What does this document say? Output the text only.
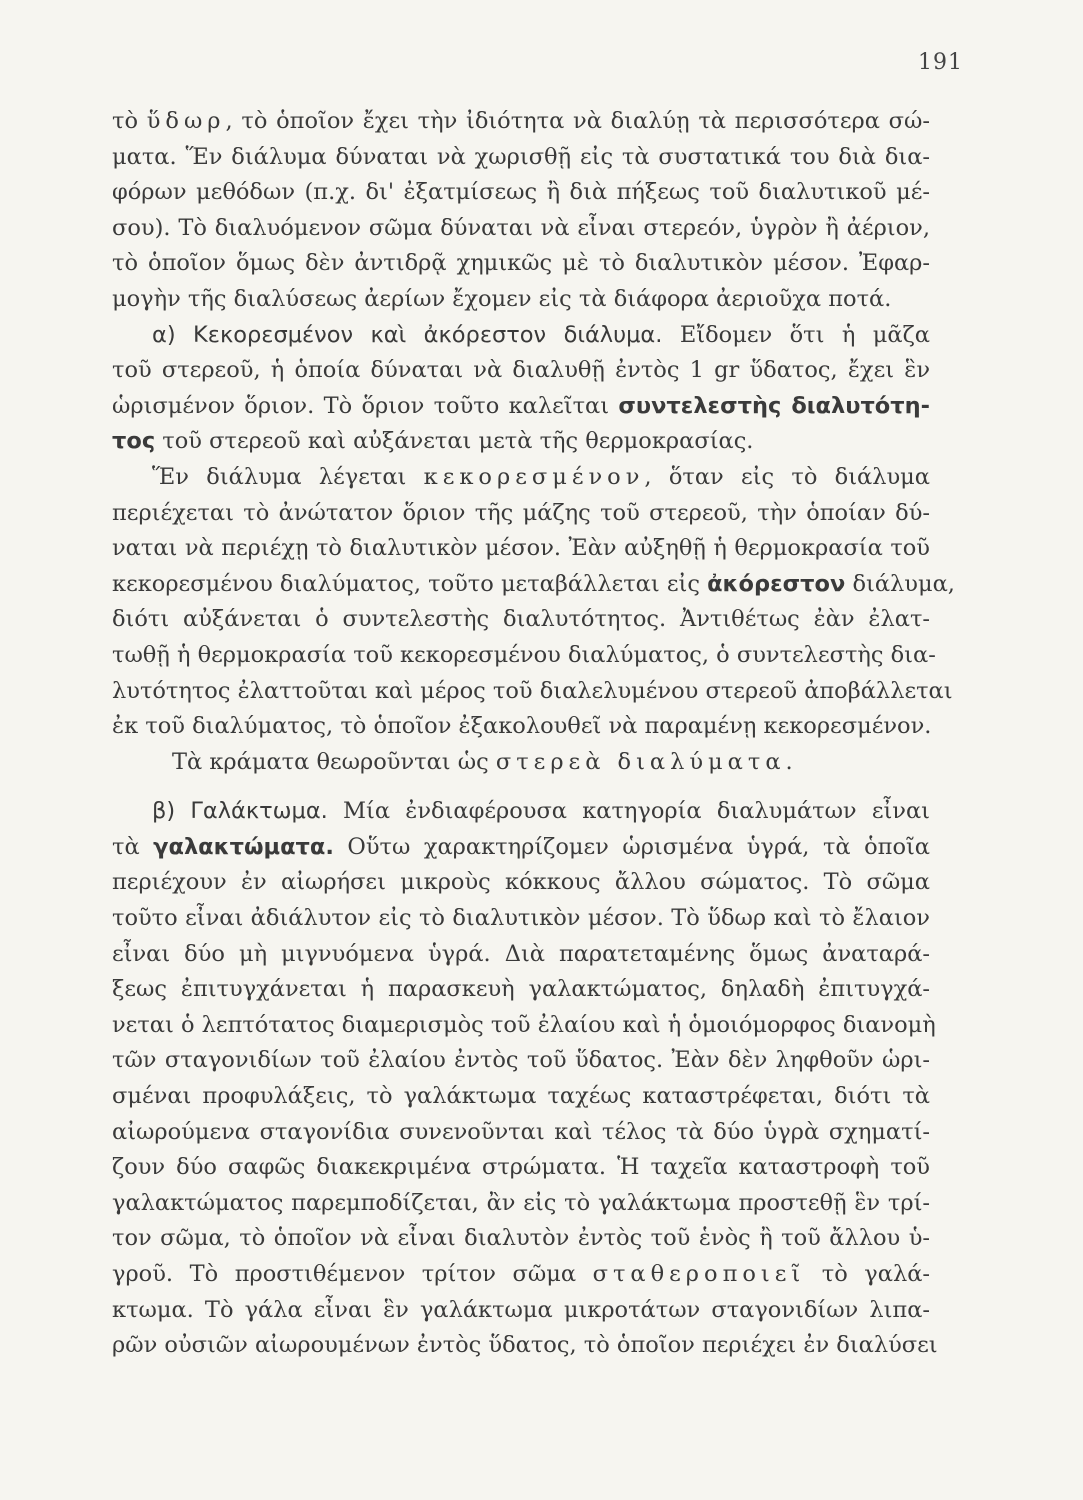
191
τὸ ὕδωρ, τὸ ὁποῖον ἔχει τὴν ἰδιότητα νὰ διαλύῃ τὰ περισσότερα σώ-
ματα. Ἕν διάλυμα δύναται νὰ χωρισθῇ εἰς τὰ συστατικά του διὰ δια-
φόρων μεθόδων (π.χ. δι' ἐξατμίσεως ἢ διὰ πήξεως τοῦ διαλυτικοῦ μέ-
σου). Τὸ διαλυόμενον σῶμα δύναται νὰ εἶναι στερεόν, ὑγρὸν ἢ ἀέριον,
τὸ ὁποῖον ὅμως δὲν ἀντιδρᾷ χημικῶς μὲ τὸ διαλυτικὸν μέσον. Ἐφαρ-
μογὴν τῆς διαλύσεως ἀερίων ἔχομεν εἰς τὰ διάφορα ἀεριοῦχα ποτά.
α) Κεκορεσμένον καὶ ἀκόρεστον διάλυμα. Εἴδομεν ὅτι ἡ μᾶζα
τοῦ στερεοῦ, ἡ ὁποία δύναται νὰ διαλυθῇ ἐντὸς 1 gr ὕδατος, ἔχει ἓν
ὡρισμένον ὅριον. Τὸ ὅριον τοῦτο καλεῖται συντελεστὴς διαλυτότη-
τος τοῦ στερεοῦ καὶ αὐξάνεται μετὰ τῆς θερμοκρασίας.
Ἕν διάλυμα λέγεται κεκορεσμένον, ὅταν εἰς τὸ διάλυμα
περιέχεται τὸ ἀνώτατον ὅριον τῆς μάζης τοῦ στερεοῦ, τὴν ὁποίαν δύ-
ναται νὰ περιέχῃ τὸ διαλυτικὸν μέσον. Ἐὰν αὐξηθῇ ἡ θερμοκρασία τοῦ
κεκορεσμένου διαλύματος, τοῦτο μεταβάλλεται εἰς ἀκόρεστον διάλυμα,
διότι αὐξάνεται ὁ συντελεστὴς διαλυτότητος. Ἀντιθέτως ἐὰν ἐλατ-
τωθῇ ἡ θερμοκρασία τοῦ κεκορεσμένου διαλύματος, ὁ συντελεστὴς δια-
λυτότητος ἐλαττοῦται καὶ μέρος τοῦ διαλελυμένου στερεοῦ ἀποβάλλεται
ἐκ τοῦ διαλύματος, τὸ ὁποῖον ἐξακολουθεῖ νὰ παραμένῃ κεκορεσμένον.
Τὰ κράματα θεωροῦνται ὡς στερεὰ διαλύματα.
β) Γαλάκτωμα. Μία ἐνδιαφέρουσα κατηγορία διαλυμάτων εἶναι
τὰ γαλακτώματα. Οὕτω χαρακτηρίζομεν ὡρισμένα ὑγρά, τὰ ὁποῖα
περιέχουν ἐν αἰωρήσει μικροὺς κόκκους ἄλλου σώματος. Τὸ σῶμα
τοῦτο εἶναι ἀδιάλυτον εἰς τὸ διαλυτικὸν μέσον. Τὸ ὕδωρ καὶ τὸ ἔλαιον
εἶναι δύο μὴ μιγνυόμενα ὑγρά. Διὰ παρατεταμένης ὅμως ἀναταρά-
ξεως ἐπιτυγχάνεται ἡ παρασκευὴ γαλακτώματος, δηλαδὴ ἐπιτυγχά-
νεται ὁ λεπτότατος διαμερισμὸς τοῦ ἐλαίου καὶ ἡ ὁμοιόμορφος διανομὴ
τῶν σταγονιδίων τοῦ ἐλαίου ἐντὸς τοῦ ὕδατος. Ἐὰν δὲν ληφθοῦν ὡρι-
σμέναι προφυλάξεις, τὸ γαλάκτωμα ταχέως καταστρέφεται, διότι τὰ
αἰωρούμενα σταγονίδια συνενοῦνται καὶ τέλος τὰ δύο ὑγρὰ σχηματί-
ζουν δύο σαφῶς διακεκριμένα στρώματα. Ἡ ταχεῖα καταστροφὴ τοῦ
γαλακτώματος παρεμποδίζεται, ἂν εἰς τὸ γαλάκτωμα προστεθῇ ἓν τρί-
τον σῶμα, τὸ ὁποῖον νὰ εἶναι διαλυτὸν ἐντὸς τοῦ ἑνὸς ἢ τοῦ ἄλλου ὑ-
γροῦ. Τὸ προστιθέμενον τρίτον σῶμα σταθεροποιεῖ τὸ γαλά-
κτωμα. Τὸ γάλα εἶναι ἓν γαλάκτωμα μικροτάτων σταγονιδίων λιπα-
ρῶν οὐσιῶν αἰωρουμένων ἐντὸς ὕδατος, τὸ ὁποῖον περιέχει ἐν διαλύσει
